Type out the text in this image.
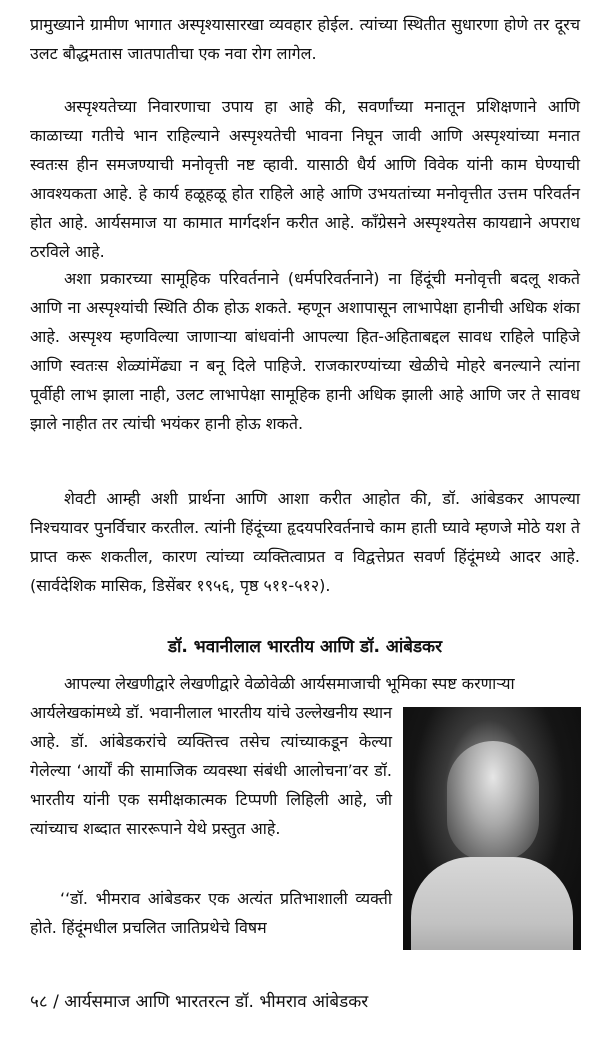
प्रामुख्याने ग्रामीण भागात अस्पृश्यासारखा व्यवहार होईल. त्यांच्या स्थितीत सुधारणा होणे तर दूरच उलट बौद्धमतास जातपातीचा एक नवा रोग लागेल.

अस्पृश्यतेच्या निवारणाचा उपाय हा आहे की, सवर्णांच्या मनातून प्रशिक्षणाने आणि काळाच्या गतीचे भान राहिल्याने अस्पृश्यतेची भावना निघून जावी आणि अस्पृश्यांच्या मनात स्वतःस हीन समजण्याची मनोवृत्ती नष्ट व्हावी. यासाठी धैर्य आणि विवेक यांनी काम घेण्याची आवश्यकता आहे. हे कार्य हळूहळू होत राहिले आहे आणि उभयतांच्या मनोवृत्तीत उत्तम परिवर्तन होत आहे. आर्यसमाज या कामात मार्गदर्शन करीत आहे. काँग्रेसने अस्पृश्यतेस कायद्याने अपराध ठरविले आहे.

अशा प्रकारच्या सामूहिक परिवर्तनाने (धर्मपरिवर्तनाने) ना हिंदूंची मनोवृत्ती बदलू शकते आणि ना अस्पृश्यांची स्थिति ठीक होऊ शकते. म्हणून अशापासून लाभापेक्षा हानीची अधिक शंका आहे. अस्पृश्य म्हणविल्या जाणाऱ्या बांधवांनी आपल्या हित-अहिताबद्दल सावध राहिले पाहिजे आणि स्वतःस शेळ्यांमेंढ्या न बनू दिले पाहिजे. राजकारण्यांच्या खेळीचे मोहरे बनल्याने त्यांना पूर्वीही लाभ झाला नाही, उलट लाभापेक्षा सामूहिक हानी अधिक झाली आहे आणि जर ते सावध झाले नाहीत तर त्यांची भयंकर हानी होऊ शकते.

शेवटी आम्ही अशी प्रार्थना आणि आशा करीत आहोत की, डॉ. आंबेडकर आपल्या निश्चयावर पुनर्विचार करतील. त्यांनी हिंदूंच्या हृदयपरिवर्तनाचे काम हाती घ्यावे म्हणजे मोठे यश ते प्राप्त करू शकतील, कारण त्यांच्या व्यक्तित्वाप्रत व विद्वत्तेप्रत सवर्ण हिंदूंमध्ये आदर आहे. (सार्वदेशिक मासिक, डिसेंबर १९५६, पृष्ठ ५११-५१२).

डॉ. भवानीलाल भारतीय आणि डॉ. आंबेडकर

आपल्या लेखणीद्वारे लेखणीद्वारे वेळोवेळी आर्यसमाजाची भूमिका स्पष्ट करणाऱ्या

आर्यलेखकांमध्ये डॉ. भवानीलाल भारतीय यांचे उल्लेखनीय स्थान आहे. डॉ. आंबेडकरांचे व्यक्तित्त्व तसेच त्यांच्याकडून केल्या गेलेल्या ‘आर्यों की सामाजिक व्यवस्था संबंधी आलोचना’वर डॉ. भारतीय यांनी एक समीक्षकात्मक टिप्पणी लिहिली आहे, जी त्यांच्याच शब्दात साररूपाने येथे प्रस्तुत आहे.

‘‘डॉ. भीमराव आंबेडकर एक अत्यंत प्रतिभाशाली व्यक्ती होते. हिंदूंमधील प्रचलित जातिप्रथेचे विषम

५८ / आर्यसमाज आणि भारतरत्न डॉ. भीमराव आंबेडकर
